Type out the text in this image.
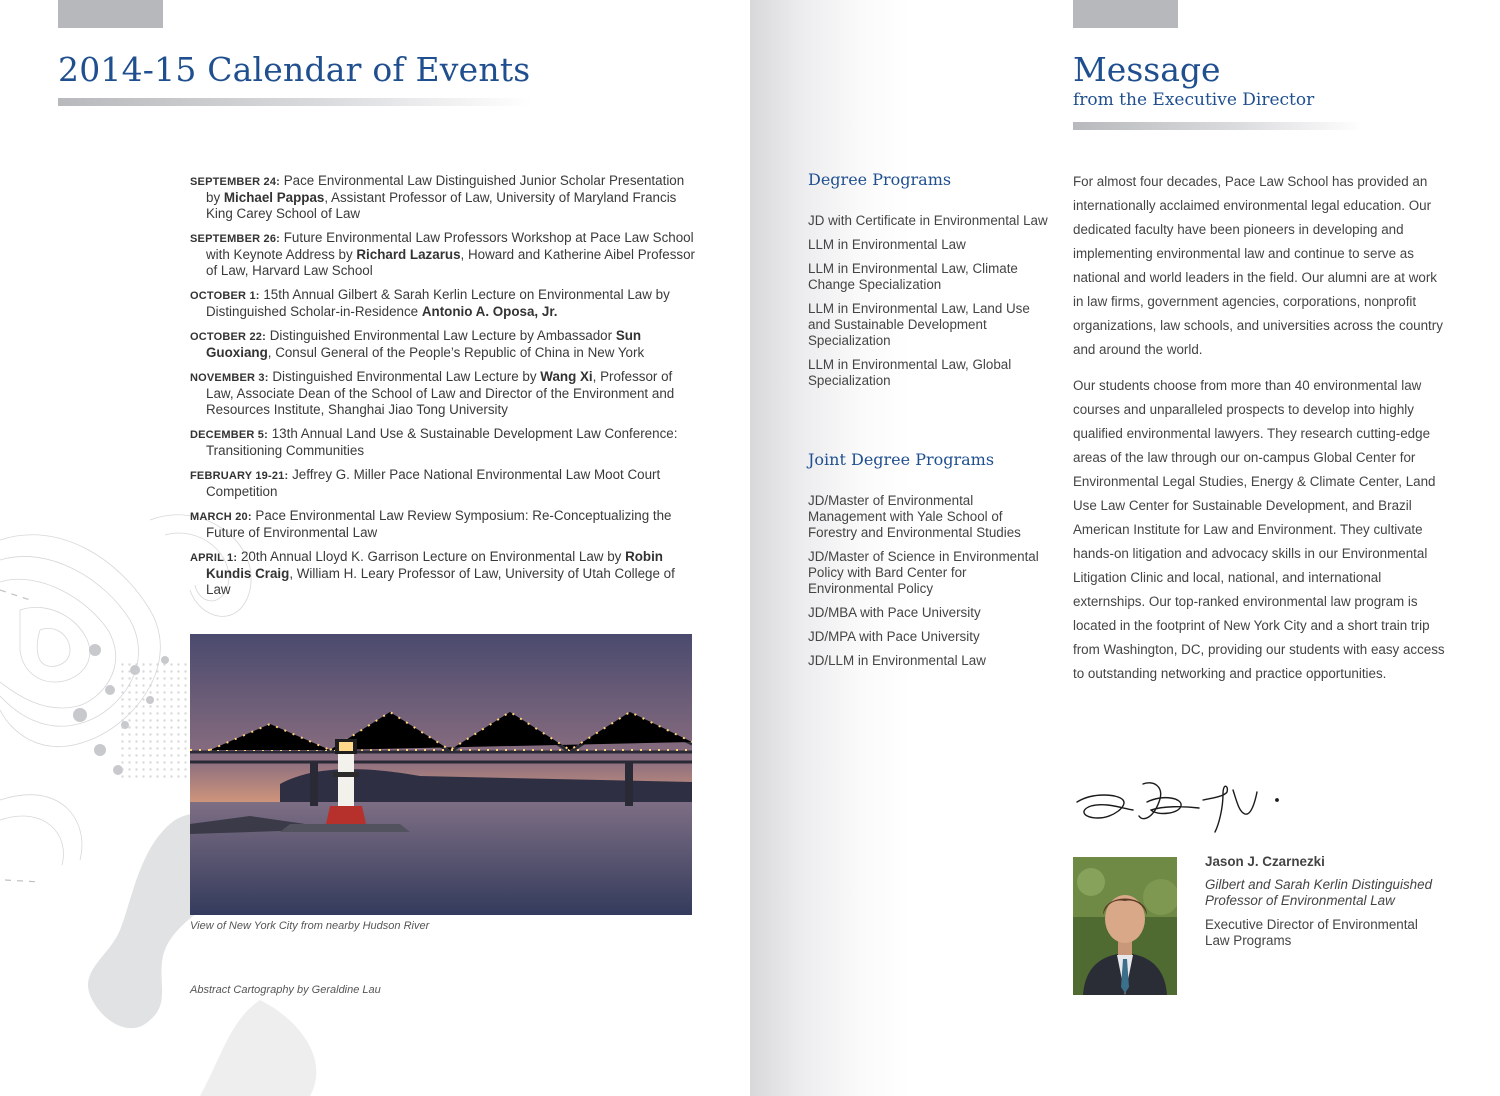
2014-15 Calendar of Events
SEPTEMBER 24: Pace Environmental Law Distinguished Junior Scholar Presentation by Michael Pappas, Assistant Professor of Law, University of Maryland Francis King Carey School of Law
SEPTEMBER 26: Future Environmental Law Professors Workshop at Pace Law School with Keynote Address by Richard Lazarus, Howard and Katherine Aibel Professor of Law, Harvard Law School
OCTOBER 1: 15th Annual Gilbert & Sarah Kerlin Lecture on Environmental Law by Distinguished Scholar-in-Residence Antonio A. Oposa, Jr.
OCTOBER 22: Distinguished Environmental Law Lecture by Ambassador Sun Guoxiang, Consul General of the People’s Republic of China in New York
NOVEMBER 3: Distinguished Environmental Law Lecture by Wang Xi, Professor of Law, Associate Dean of the School of Law and Director of the Environment and Resources Institute, Shanghai Jiao Tong University
DECEMBER 5: 13th Annual Land Use & Sustainable Development Law Conference: Transitioning Communities
FEBRUARY 19-21: Jeffrey G. Miller Pace National Environmental Law Moot Court Competition
MARCH 20: Pace Environmental Law Review Symposium: Re-Conceptualizing the Future of Environmental Law
APRIL 1: 20th Annual Lloyd K. Garrison Lecture on Environmental Law by Robin Kundis Craig, William H. Leary Professor of Law, University of Utah College of Law
View of New York City from nearby Hudson River
Abstract Cartography by Geraldine Lau
Message
from the Executive Director
Degree Programs
JD with Certificate in Environmental Law
LLM in Environmental Law
LLM in Environmental Law, Climate Change Specialization
LLM in Environmental Law, Land Use and Sustainable Development Specialization
LLM in Environmental Law, Global Specialization
Joint Degree Programs
JD/Master of Environmental Management with Yale School of Forestry and Environmental Studies
JD/Master of Science in Environmental Policy with Bard Center for Environmental Policy
JD/MBA with Pace University
JD/MPA with Pace University
JD/LLM in Environmental Law

For almost four decades, Pace Law School has provided an internationally acclaimed environmental legal education. Our dedicated faculty have been pioneers in developing and implementing environmental law and continue to serve as national and world leaders in the field. Our alumni are at work in law firms, government agencies, corporations, nonprofit organizations, law schools, and universities across the country and around the world.

Our students choose from more than 40 environmental law courses and unparalleled prospects to develop into highly qualified environmental lawyers. They research cutting-edge areas of the law through our on-campus Global Center for Environmental Legal Studies, Energy & Climate Center, Land Use Law Center for Sustainable Development, and Brazil American Institute for Law and Environment. They cultivate hands-on litigation and advocacy skills in our Environmental Litigation Clinic and local, national, and international externships. Our top-ranked environmental law program is located in the footprint of New York City and a short train trip from Washington, DC, providing our students with easy access to outstanding networking and practice opportunities.

Jason J. Czarnezki

Gilbert and Sarah Kerlin Distinguished Professor of Environmental Law

Executive Director of Environmental Law Programs
